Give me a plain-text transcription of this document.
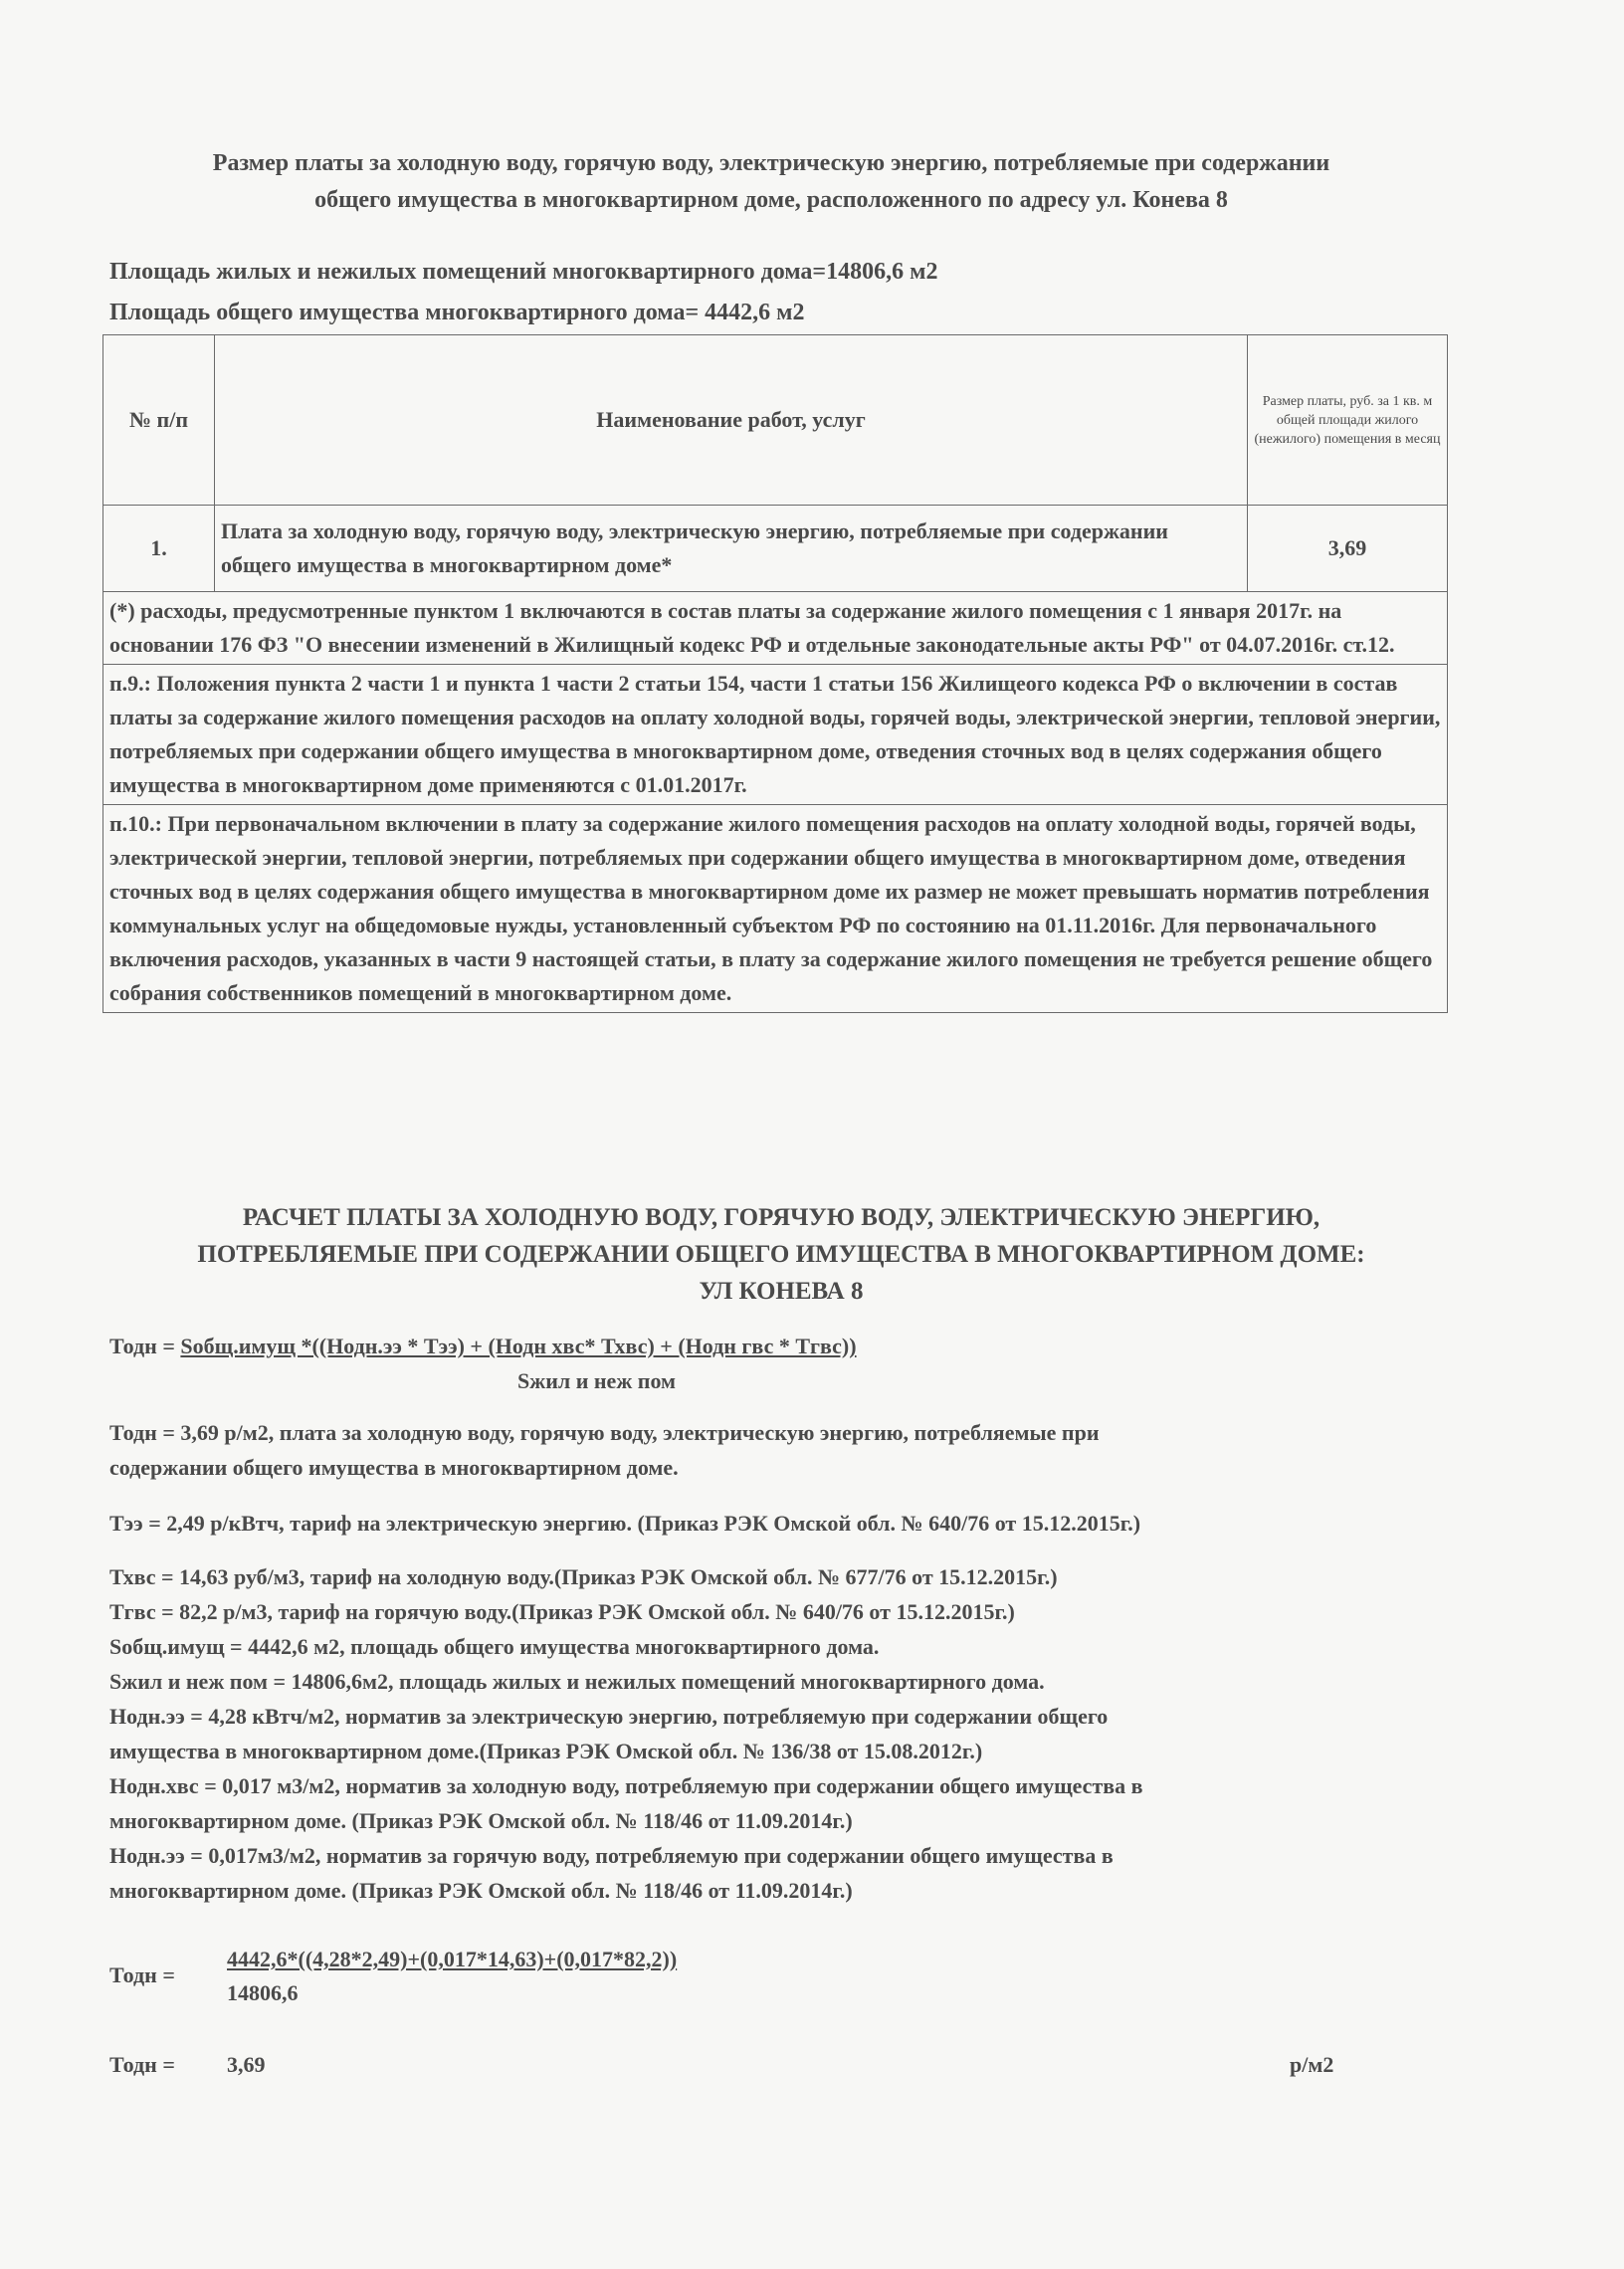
Размер платы за холодную воду, горячую воду, электрическую энергию, потребляемые при содержании
общего имущества в многоквартирном доме, расположенного по адресу ул. Конева 8
Площадь жилых и нежилых помещений многоквартирного дома=14806,6 м2
Площадь общего имущества многоквартирного дома= 4442,6 м2
№ п/п	Наименование работ, услуг	Размер платы, руб. за 1 кв. м общей площади жилого (нежилого) помещения в месяц
1.	Плата за холодную воду, горячую воду, электрическую энергию, потребляемые при содержании общего имущества в многоквартирном доме*	3,69
(*) расходы, предусмотренные пунктом 1 включаются в состав платы за содержание жилого помещения с 1 января 2017г. на основании 176 ФЗ "О внесении изменений в Жилищный кодекс РФ и отдельные законодательные акты РФ" от 04.07.2016г. ст.12.		
п.9.: Положения пункта 2 части 1 и пункта 1 части 2 статьи 154, части 1 статьи 156 Жилищеого кодекса РФ о включении в состав платы за содержание жилого помещения расходов на оплату холодной воды, горячей воды, электрической энергии, тепловой энергии, потребляемых при содержании общего имущества в многоквартирном доме, отведения сточных вод в целях содержания общего имущества в многоквартирном доме применяются с 01.01.2017г.		
п.10.: При первоначальном включении в плату за содержание жилого помещения расходов на оплату холодной воды, горячей воды, электрической энергии, тепловой энергии, потребляемых при содержании общего имущества в многоквартирном доме, отведения сточных вод в целях содержания общего имущества в многоквартирном доме их размер не может превышать норматив потребления коммунальных услуг на общедомовые нужды, установленный субъектом РФ по состоянию на 01.11.2016г. Для первоначального включения расходов, указанных в части 9 настоящей статьи, в плату за содержание жилого помещения не требуется решение общего собрания собственников помещений в многоквартирном доме.		
РАСЧЕТ ПЛАТЫ ЗА ХОЛОДНУЮ ВОДУ, ГОРЯЧУЮ ВОДУ, ЭЛЕКТРИЧЕСКУЮ ЭНЕРГИЮ,
ПОТРЕБЛЯЕМЫЕ ПРИ СОДЕРЖАНИИ ОБЩЕГО ИМУЩЕСТВА В МНОГОКВАРТИРНОМ ДОМЕ:
УЛ КОНЕВА 8
Тодн = Sобщ.имущ *((Нодн.ээ * Тээ) + (Нодн хвс* Тхвс) + (Нодн гвс * Тгвс))
Sжил и неж пом
Тодн = 3,69 р/м2, плата за холодную воду, горячую воду, электрическую энергию, потребляемые при
содержании общего имущества в многоквартирном доме.
Тээ = 2,49 р/кВтч, тариф на электрическую энергию. (Приказ РЭК Омской обл. № 640/76 от 15.12.2015г.)
Тхвс = 14,63 руб/м3, тариф на холодную воду.(Приказ РЭК Омской обл. № 677/76 от 15.12.2015г.)
Тгвс = 82,2 р/м3, тариф на горячую воду.(Приказ РЭК Омской обл. № 640/76 от 15.12.2015г.)
Sобщ.имущ = 4442,6 м2, площадь общего имущества многоквартирного дома.
Sжил и неж пом = 14806,6м2, площадь жилых и нежилых помещений многоквартирного дома.
Нодн.ээ = 4,28 кВтч/м2, норматив за электрическую энергию, потребляемую при содержании общего
имущества в многоквартирном доме.(Приказ РЭК Омской обл. № 136/38 от 15.08.2012г.)
Нодн.хвс = 0,017 м3/м2, норматив за холодную воду, потребляемую при содержании общего имущества в
многоквартирном доме. (Приказ РЭК Омской обл. № 118/46 от 11.09.2014г.)
Нодн.ээ = 0,017м3/м2, норматив за горячую воду, потребляемую при содержании общего имущества в
многоквартирном доме. (Приказ РЭК Омской обл. № 118/46 от 11.09.2014г.)
Тодн =
4442,6*((4,28*2,49)+(0,017*14,63)+(0,017*82,2))
14806,6
Тодн = 3,69	р/м2
